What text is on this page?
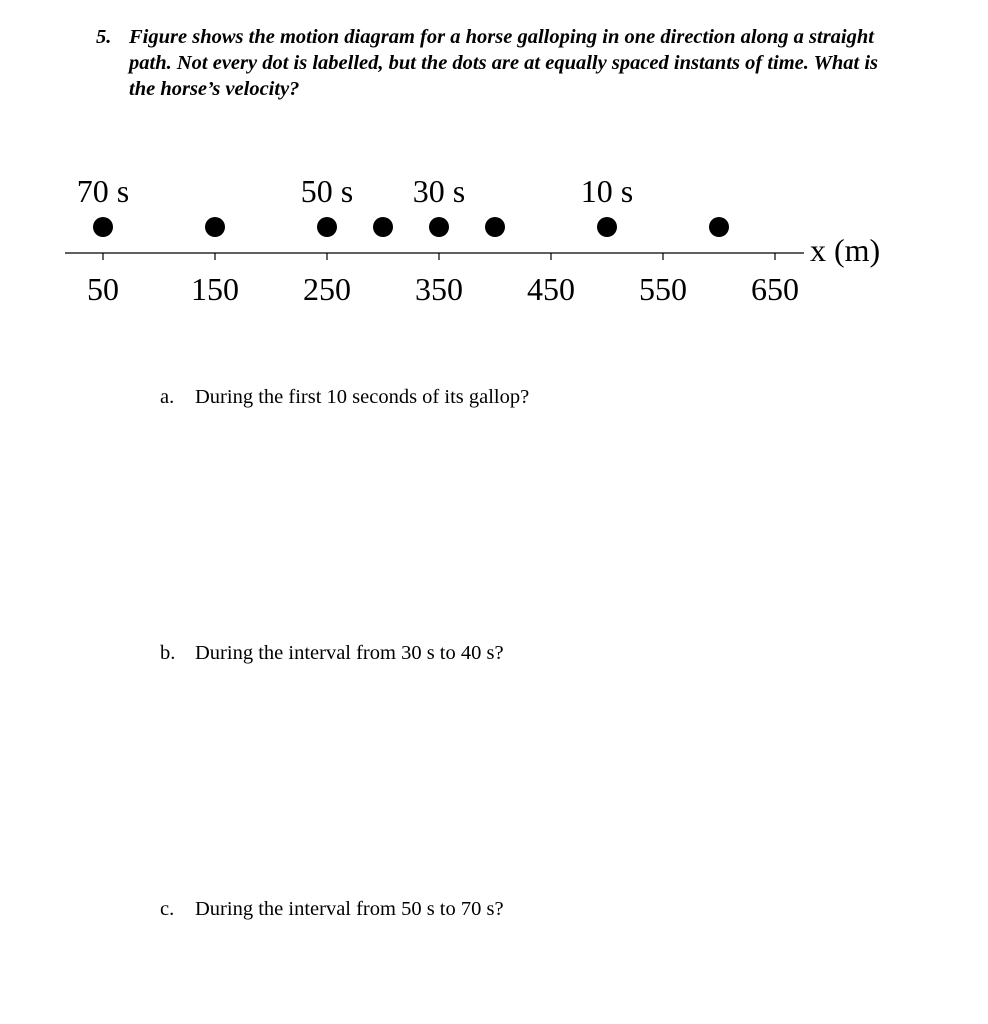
5. Figure shows the motion diagram for a horse galloping in one direction along a straight path. Not every dot is labelled, but the dots are at equally spaced instants of time. What is the horse’s velocity?
50 150 250 350 450 550 650
x (m)
10 s
30 s
50 s
70 s
a. During the first 10 seconds of its gallop?
b. During the interval from 30 s to 40 s?
c. During the interval from 50 s to 70 s?
